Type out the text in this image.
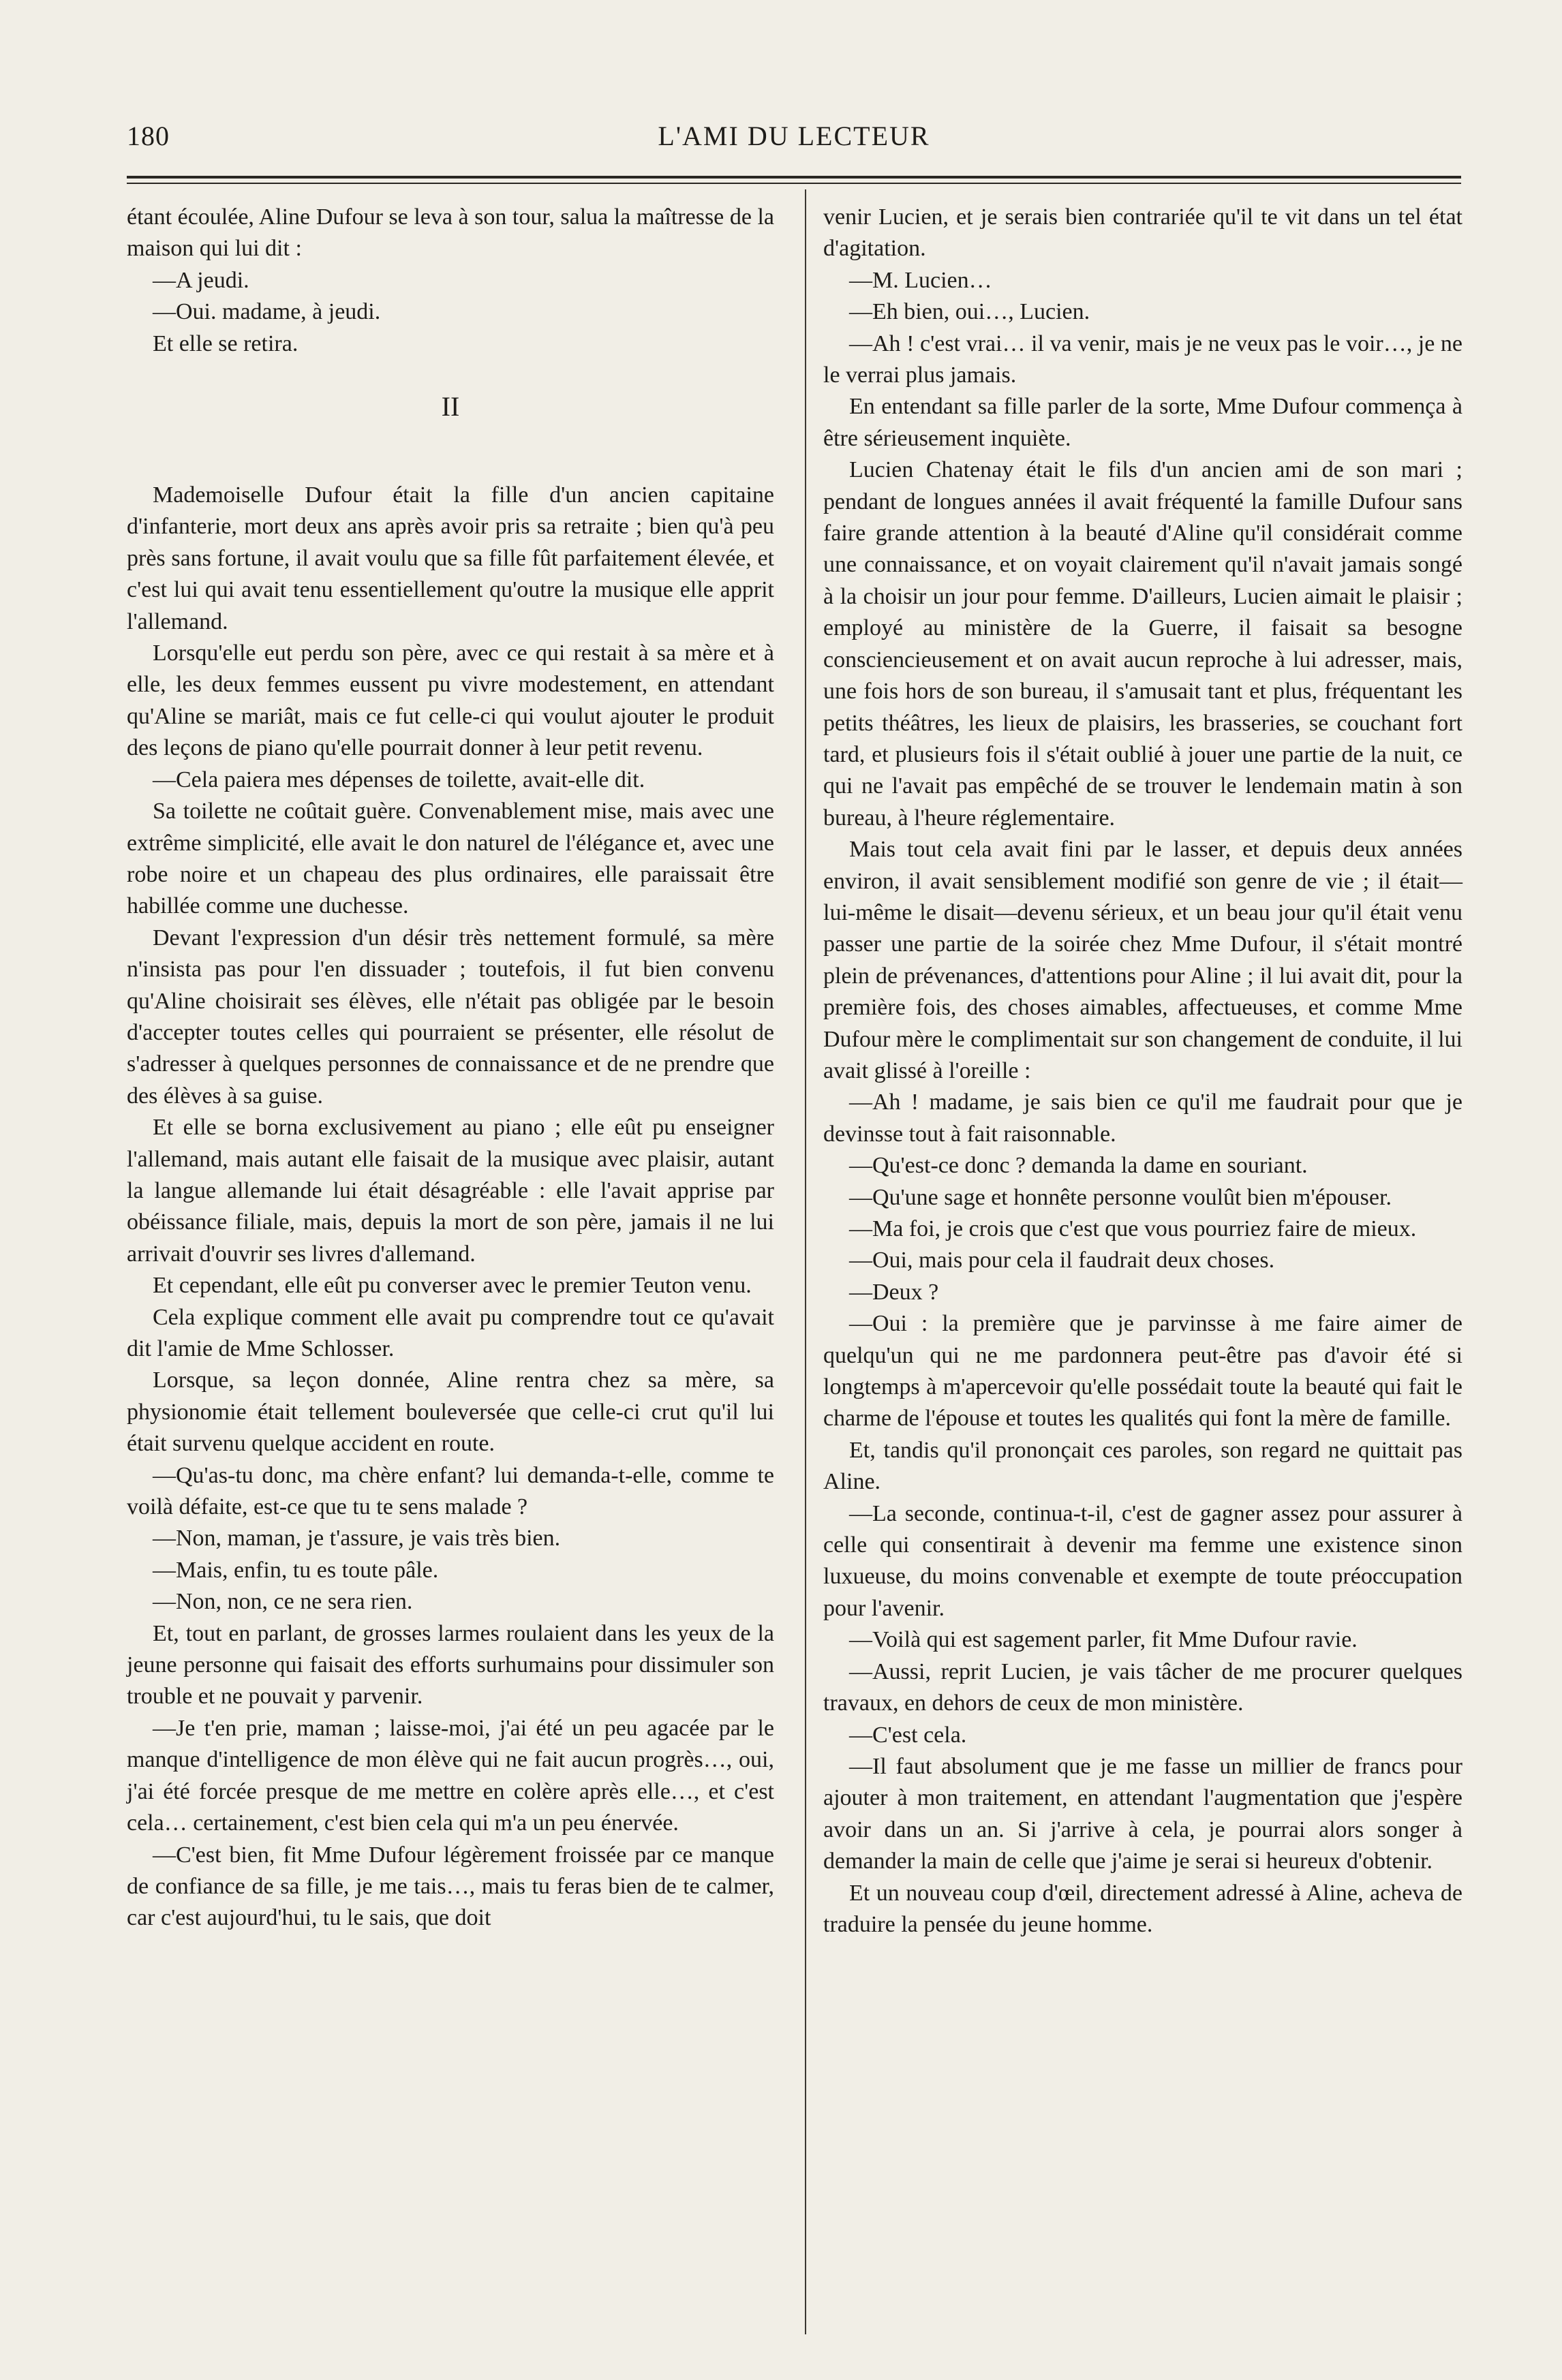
180	L'AMI DU LECTEUR

étant écoulée, Aline Dufour se leva à son tour, salua la maîtresse de la maison qui lui dit :

—A jeudi.

—Oui. madame, à jeudi.

Et elle se retira.

II

Mademoiselle Dufour était la fille d'un ancien capitaine d'infanterie, mort deux ans après avoir pris sa retraite ; bien qu'à peu près sans fortune, il avait voulu que sa fille fût parfaitement élevée, et c'est lui qui avait tenu essentiellement qu'outre la musique elle apprit l'allemand.

Lorsqu'elle eut perdu son père, avec ce qui restait à sa mère et à elle, les deux femmes eussent pu vivre modestement, en attendant qu'Aline se mariât, mais ce fut celle-ci qui voulut ajouter le produit des leçons de piano qu'elle pourrait donner à leur petit revenu.

—Cela paiera mes dépenses de toilette, avait-elle dit.

Sa toilette ne coûtait guère. Convenablement mise, mais avec une extrême simplicité, elle avait le don naturel de l'élégance et, avec une robe noire et un chapeau des plus ordinaires, elle paraissait être habillée comme une duchesse.

Devant l'expression d'un désir très nettement formulé, sa mère n'insista pas pour l'en dissuader ; toutefois, il fut bien convenu qu'Aline choisirait ses élèves, elle n'était pas obligée par le besoin d'accepter toutes celles qui pourraient se présenter, elle résolut de s'adresser à quelques personnes de connaissance et de ne prendre que des élèves à sa guise.

Et elle se borna exclusivement au piano ; elle eût pu enseigner l'allemand, mais autant elle faisait de la musique avec plaisir, autant la langue allemande lui était désagréable : elle l'avait apprise par obéissance filiale, mais, depuis la mort de son père, jamais il ne lui arrivait d'ouvrir ses livres d'allemand.

Et cependant, elle eût pu converser avec le premier Teuton venu.

Cela explique comment elle avait pu comprendre tout ce qu'avait dit l'amie de Mme Schlosser.

Lorsque, sa leçon donnée, Aline rentra chez sa mère, sa physionomie était tellement bouleversée que celle-ci crut qu'il lui était survenu quelque accident en route.

—Qu'as-tu donc, ma chère enfant? lui demanda-t-elle, comme te voilà défaite, est-ce que tu te sens malade ?

—Non, maman, je t'assure, je vais très bien.

—Mais, enfin, tu es toute pâle.

—Non, non, ce ne sera rien.

Et, tout en parlant, de grosses larmes roulaient dans les yeux de la jeune personne qui faisait des efforts surhumains pour dissimuler son trouble et ne pouvait y parvenir.

—Je t'en prie, maman ; laisse-moi, j'ai été un peu agacée par le manque d'intelligence de mon élève qui ne fait aucun progrès…, oui, j'ai été forcée presque de me mettre en colère après elle…, et c'est cela… certainement, c'est bien cela qui m'a un peu énervée.

—C'est bien, fit Mme Dufour légèrement froissée par ce manque de confiance de sa fille, je me tais…, mais tu feras bien de te calmer, car c'est aujourd'hui, tu le sais, que doit

venir Lucien, et je serais bien contrariée qu'il te vit dans un tel état d'agitation.

—M. Lucien…

—Eh bien, oui…, Lucien.

—Ah ! c'est vrai… il va venir, mais je ne veux pas le voir…, je ne le verrai plus jamais.

En entendant sa fille parler de la sorte, Mme Dufour commença à être sérieusement inquiète.

Lucien Chatenay était le fils d'un ancien ami de son mari ; pendant de longues années il avait fréquenté la famille Dufour sans faire grande attention à la beauté d'Aline qu'il considérait comme une connaissance, et on voyait clairement qu'il n'avait jamais songé à la choisir un jour pour femme. D'ailleurs, Lucien aimait le plaisir ; employé au ministère de la Guerre, il faisait sa besogne consciencieusement et on avait aucun reproche à lui adresser, mais, une fois hors de son bureau, il s'amusait tant et plus, fréquentant les petits théâtres, les lieux de plaisirs, les brasseries, se couchant fort tard, et plusieurs fois il s'était oublié à jouer une partie de la nuit, ce qui ne l'avait pas empêché de se trouver le lendemain matin à son bureau, à l'heure réglementaire.

Mais tout cela avait fini par le lasser, et depuis deux années environ, il avait sensiblement modifié son genre de vie ; il était—lui-même le disait—devenu sérieux, et un beau jour qu'il était venu passer une partie de la soirée chez Mme Dufour, il s'était montré plein de prévenances, d'attentions pour Aline ; il lui avait dit, pour la première fois, des choses aimables, affectueuses, et comme Mme Dufour mère le complimentait sur son changement de conduite, il lui avait glissé à l'oreille :

—Ah ! madame, je sais bien ce qu'il me faudrait pour que je devinsse tout à fait raisonnable.

—Qu'est-ce donc ? demanda la dame en souriant.

—Qu'une sage et honnête personne voulût bien m'épouser.

—Ma foi, je crois que c'est que vous pourriez faire de mieux.

—Oui, mais pour cela il faudrait deux choses.

—Deux ?

—Oui : la première que je parvinsse à me faire aimer de quelqu'un qui ne me pardonnera peut-être pas d'avoir été si longtemps à m'apercevoir qu'elle possédait toute la beauté qui fait le charme de l'épouse et toutes les qualités qui font la mère de famille.

Et, tandis qu'il prononçait ces paroles, son regard ne quittait pas Aline.

—La seconde, continua-t-il, c'est de gagner assez pour assurer à celle qui consentirait à devenir ma femme une existence sinon luxueuse, du moins convenable et exempte de toute préoccupation pour l'avenir.

—Voilà qui est sagement parler, fit Mme Dufour ravie.

—Aussi, reprit Lucien, je vais tâcher de me procurer quelques travaux, en dehors de ceux de mon ministère.

—C'est cela.

—Il faut absolument que je me fasse un millier de francs pour ajouter à mon traitement, en attendant l'augmentation que j'espère avoir dans un an. Si j'arrive à cela, je pourrai alors songer à demander la main de celle que j'aime je serai si heureux d'obtenir.

Et un nouveau coup d'œil, directement adressé à Aline, acheva de traduire la pensée du jeune homme.
